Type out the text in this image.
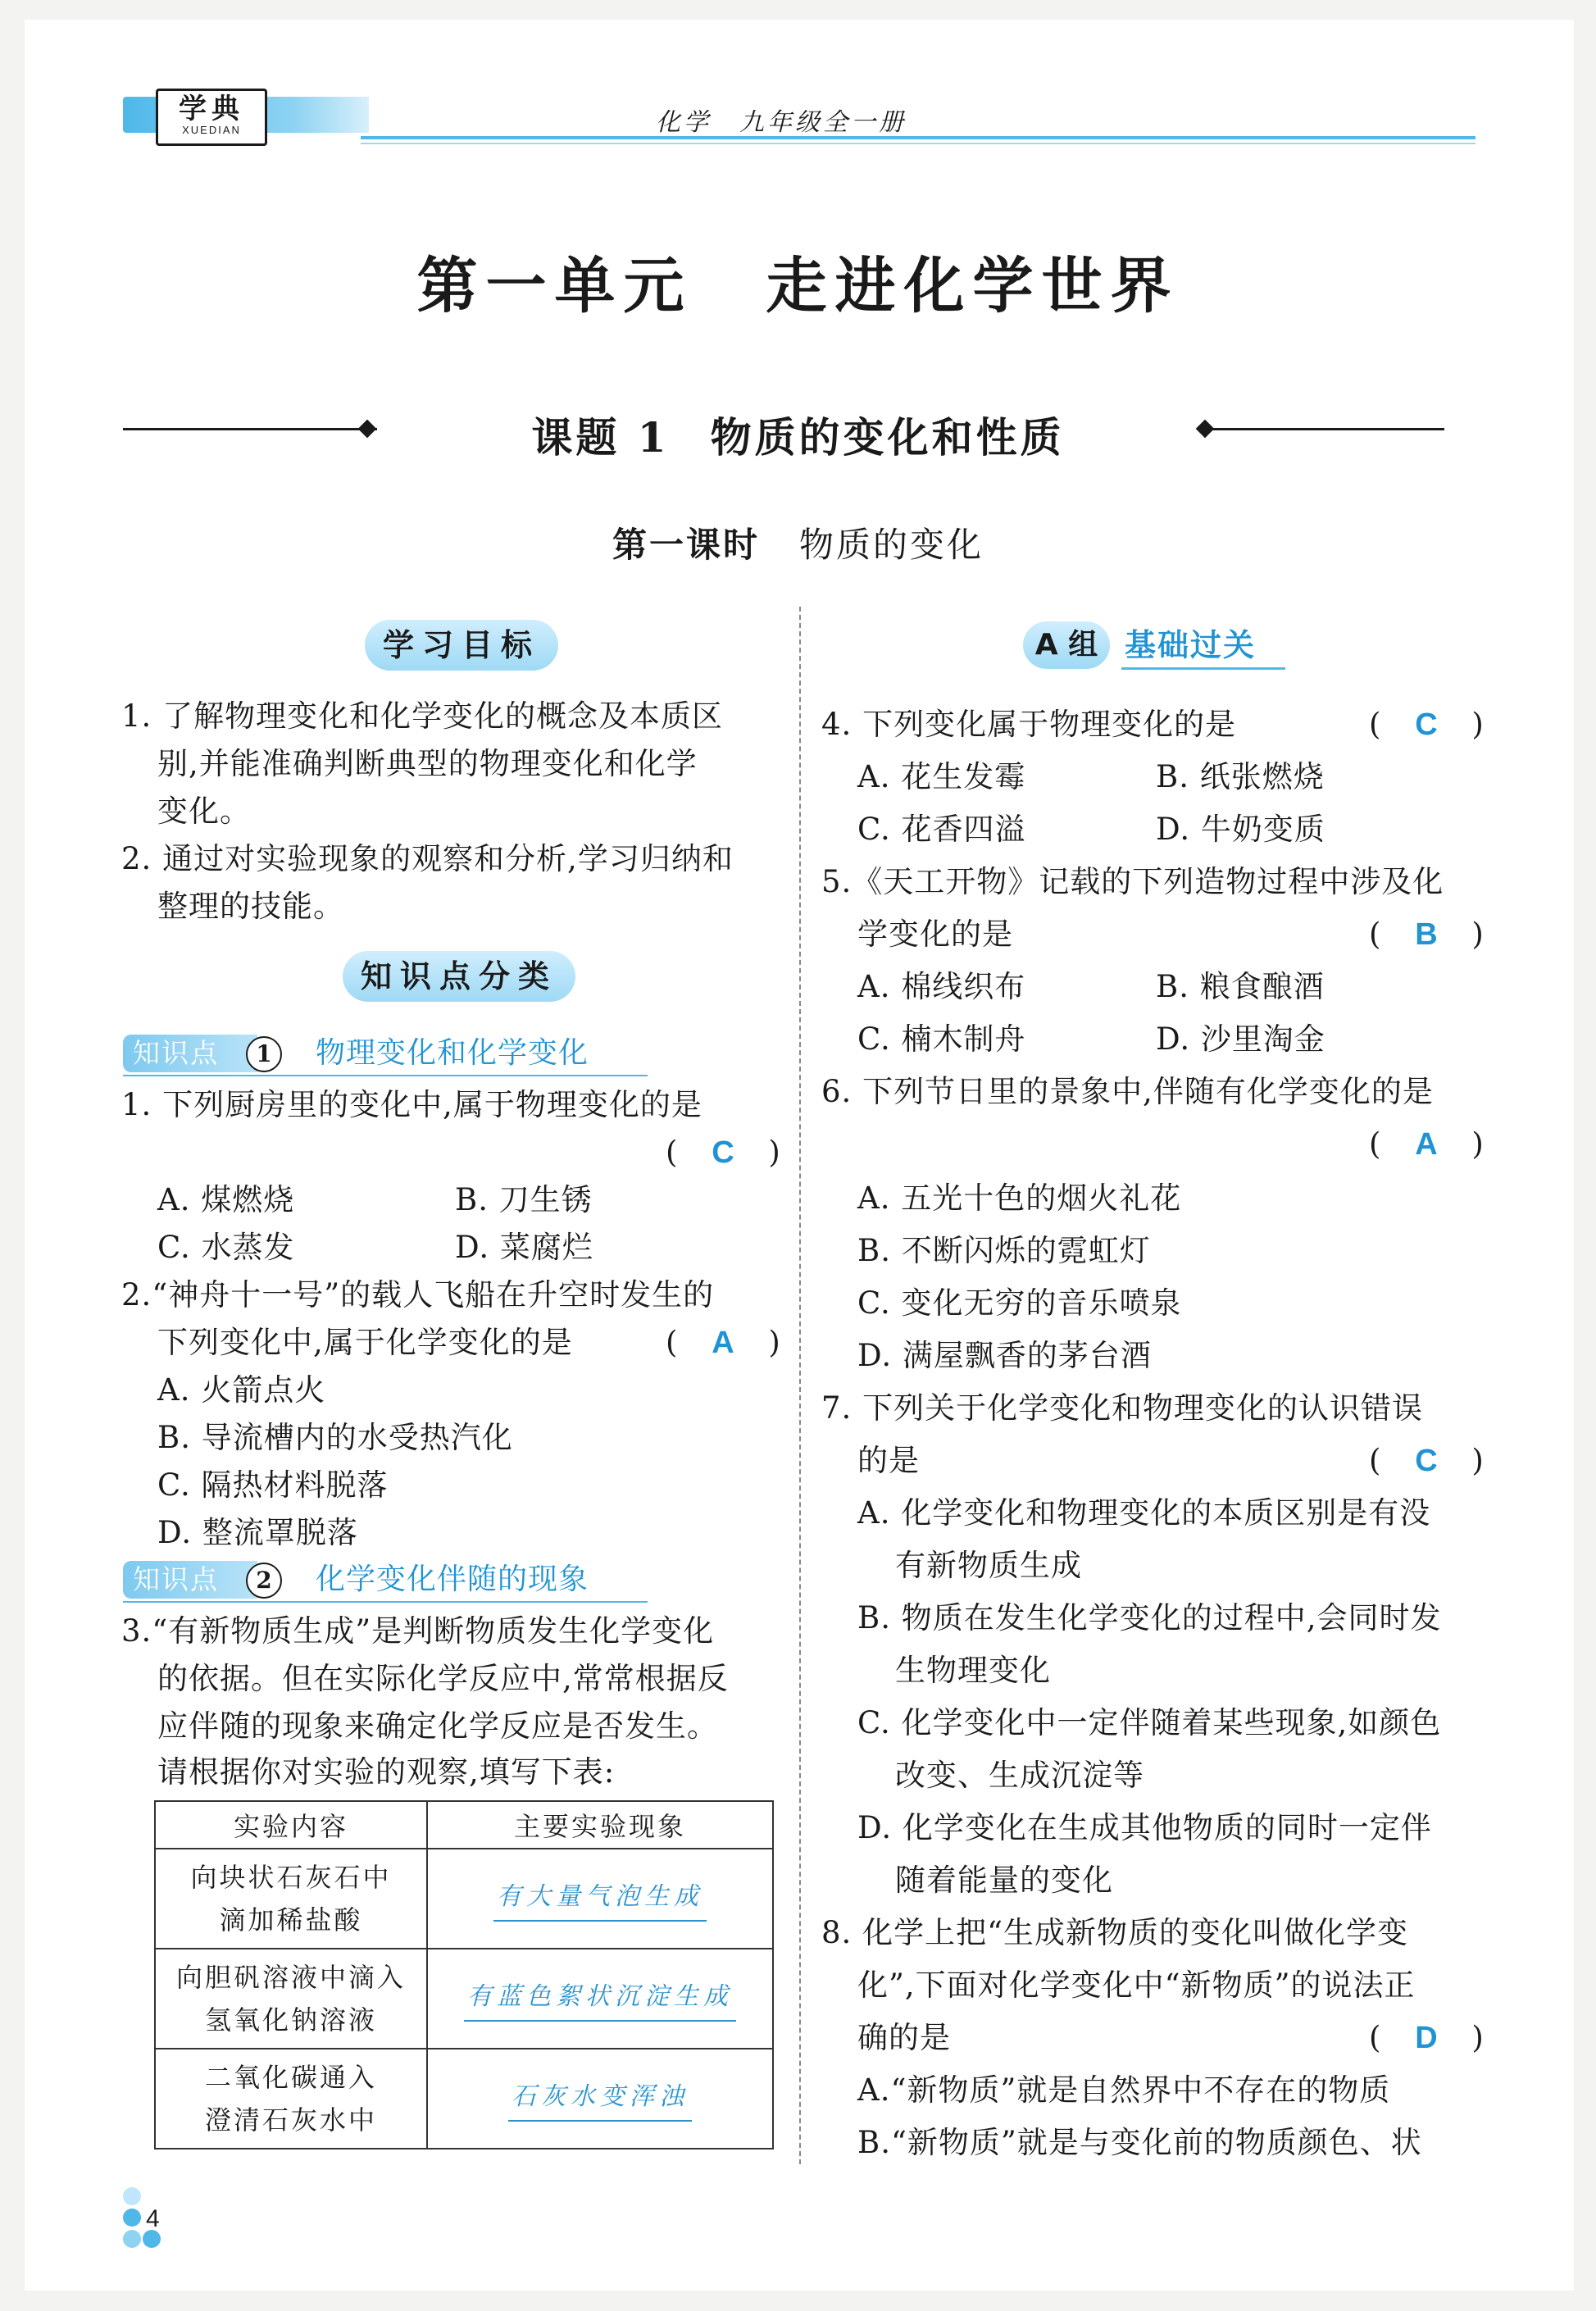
学典
XUEDIAN	化学　九年级全一册
第一单元 走进化学世界
课题 1 物质的变化和性质
第一课时 物质的变化
学习目标
1. 了解物理变化和化学变化的概念及本质区
别,并能准确判断典型的物理变化和化学
变化。
2. 通过对实验现象的观察和分析,学习归纳和
整理的技能。
知识点分类
知识点	1	物理变化和化学变化
1. 下列厨房里的变化中,属于物理变化的是
( C )
A. 煤燃烧	B. 刀生锈
C. 水蒸发	D. 菜腐烂
2.“神舟十一号”的载人飞船在升空时发生的
下列变化中,属于化学变化的是	( A )
A. 火箭点火
B. 导流槽内的水受热汽化
C. 隔热材料脱落
D. 整流罩脱落
知识点	2	化学变化伴随的现象
3.“有新物质生成”是判断物质发生化学变化
的依据。但在实际化学反应中,常常根据反
应伴随的现象来确定化学反应是否发生。
请根据你对实验的观察,填写下表:
实验内容	主要实验现象

向块状石灰石中
滴加稀盐酸	有大量气泡生成

向胆矾溶液中滴入
氢氧化钠溶液	有蓝色絮状沉淀生成

二氧化碳通入
澄清石灰水中	石灰水变浑浊
A 组 基础过关
4. 下列变化属于物理变化的是	( C )
A. 花生发霉	B. 纸张燃烧
C. 花香四溢	D. 牛奶变质
5.《天工开物》记载的下列造物过程中涉及化
学变化的是	( B )
A. 棉线织布	B. 粮食酿酒
C. 楠木制舟	D. 沙里淘金
6. 下列节日里的景象中,伴随有化学变化的是
( A )
A. 五光十色的烟火礼花
B. 不断闪烁的霓虹灯
C. 变化无穷的音乐喷泉
D. 满屋飘香的茅台酒
7. 下列关于化学变化和物理变化的认识错误
的是	( C )
A. 化学变化和物理变化的本质区别是有没
有新物质生成
B. 物质在发生化学变化的过程中,会同时发
生物理变化
C. 化学变化中一定伴随着某些现象,如颜色
改变、生成沉淀等
D. 化学变化在生成其他物质的同时一定伴
随着能量的变化
8. 化学上把“生成新物质的变化叫做化学变
化”,下面对化学变化中“新物质”的说法正
确的是	( D )
A.“新物质”就是自然界中不存在的物质
B.“新物质”就是与变化前的物质颜色、状
4
